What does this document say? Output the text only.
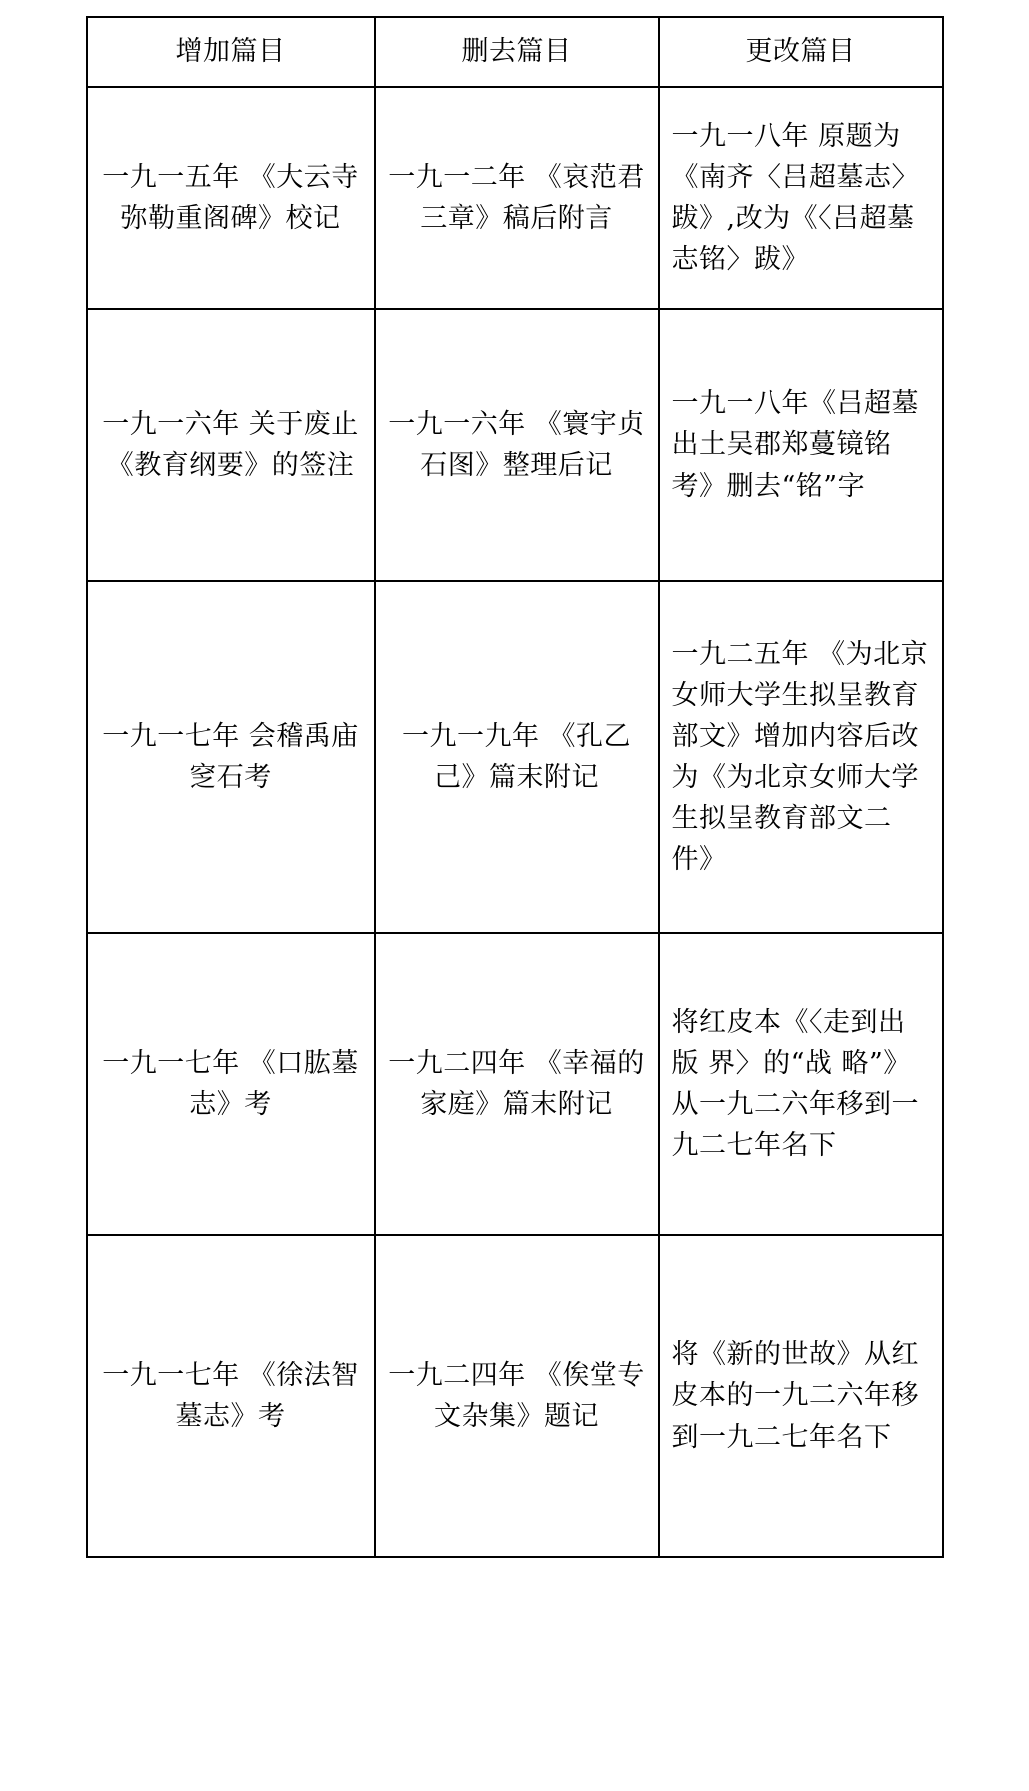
增加篇目	删去篇目	更改篇目

一九一五年 《大云寺弥勒重阁碑》校记	一九一二年 《哀范君三章》稿后附言	一九一八年 原题为《南齐〈吕超墓志〉跋》,改为《〈吕超墓志铭〉跋》

一九一六年 关于废止《教育纲要》的签注	一九一六年 《寰宇贞石图》整理后记	一九一八年《吕超墓出土吴郡郑蔓镜铭考》删去“铭”字

一九一七年 会稽禹庙窆石考	一九一九年 《孔乙己》篇末附记	一九二五年 《为北京女师大学生拟呈教育部文》增加内容后改为《为北京女师大学生拟呈教育部文二件》

一九一七年 《口肱墓志》考	一九二四年 《幸福的家庭》篇末附记	将红皮本《〈走到出版 界〉的“战 略”》从一九二六年移到一九二七年名下

一九一七年 《徐法智墓志》考	一九二四年 《俟堂专文杂集》题记	将《新的世故》从红皮本的一九二六年移到一九二七年名下
